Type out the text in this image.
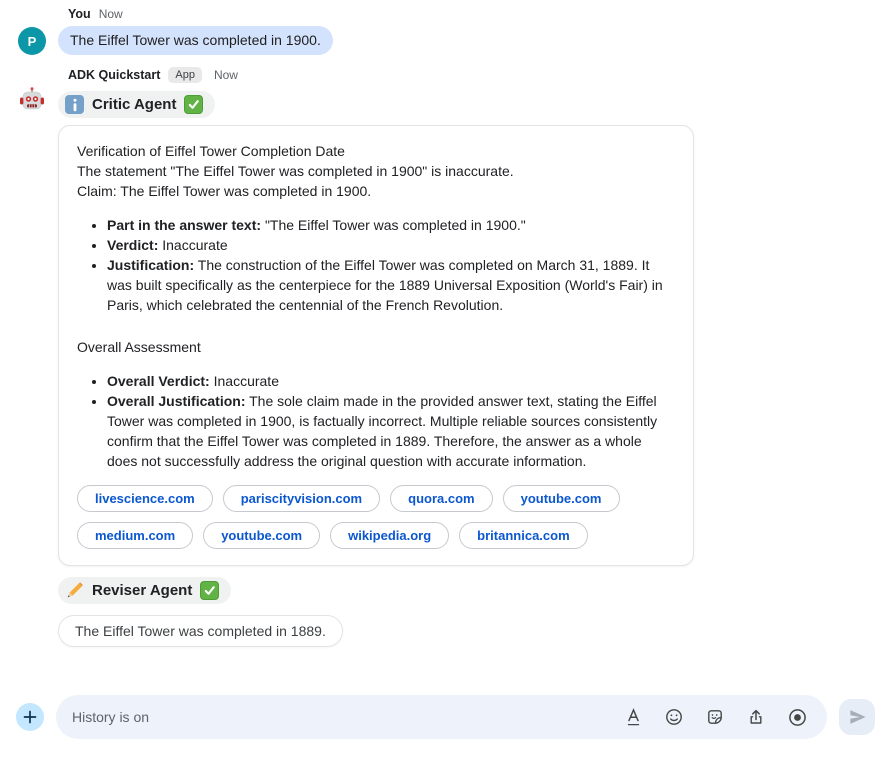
P
You Now
The Eiffel Tower was completed in 1900.
ADK Quickstart	App	Now
Critic Agent
Verification of Eiffel Tower Completion Date
The statement "The Eiffel Tower was completed in 1900" is inaccurate.
Claim: The Eiffel Tower was completed in 1900.
• Part in the answer text: "The Eiffel Tower was completed in 1900."
• Verdict: Inaccurate
• Justification: The construction of the Eiffel Tower was completed on March 31, 1889. It was built specifically as the centerpiece for the 1889 Universal Exposition (World's Fair) in Paris, which celebrated the centennial of the French Revolution.
Overall Assessment
• Overall Verdict: Inaccurate
• Overall Justification: The sole claim made in the provided answer text, stating the Eiffel Tower was completed in 1900, is factually incorrect. Multiple reliable sources consistently confirm that the Eiffel Tower was completed in 1889. Therefore, the answer as a whole does not successfully address the original question with accurate information.
livescience.com	pariscityvision.com	quora.com	youtube.com
medium.com	youtube.com	wikipedia.org	britannica.com
Reviser Agent
The Eiffel Tower was completed in 1889.
History is on
